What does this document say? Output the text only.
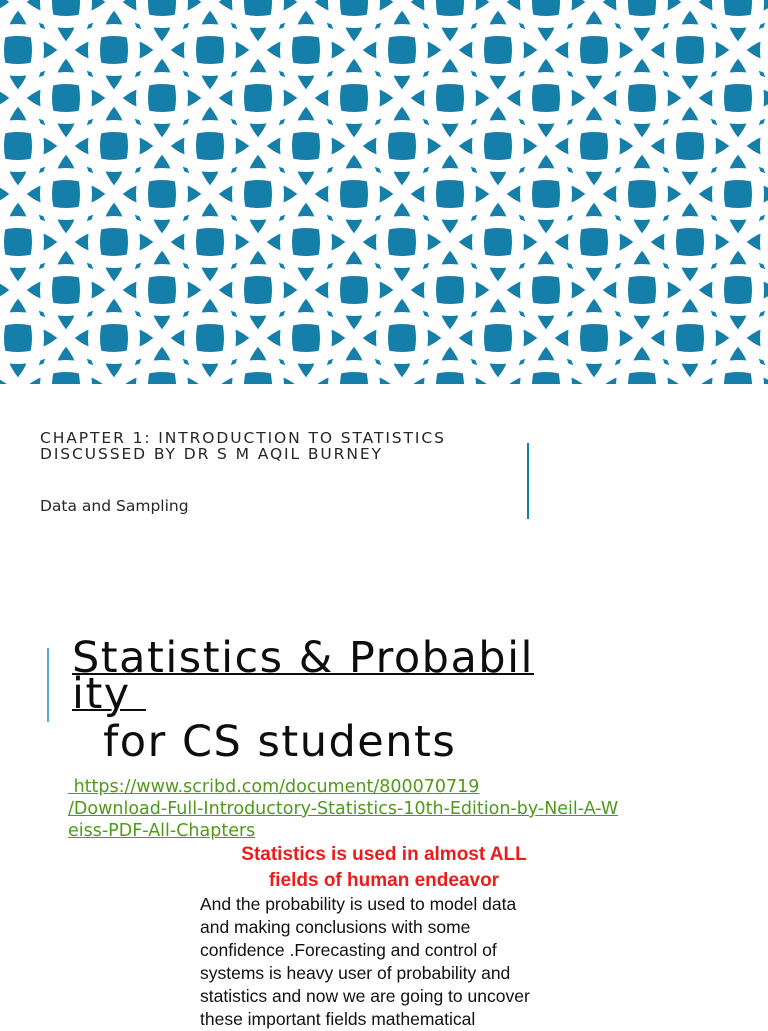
CHAPTER 1: INTRODUCTION TO STATISTICS
DISCUSSED BY DR S M AQIL BURNEY
Data and Sampling
Statistics & Probabil
ity
for CS students
https://www.scribd.com/document/800070719
/Download-Full-Introductory-Statistics-10th-Edition-by-Neil-A-W
eiss-PDF-All-Chapters
Statistics is used in almost ALL
fields of human endeavor
And the probability is used to model data
and making conclusions with some
confidence .Forecasting and control of
systems is heavy user of probability and
statistics and now we are going to uncover
these important fields mathematical
